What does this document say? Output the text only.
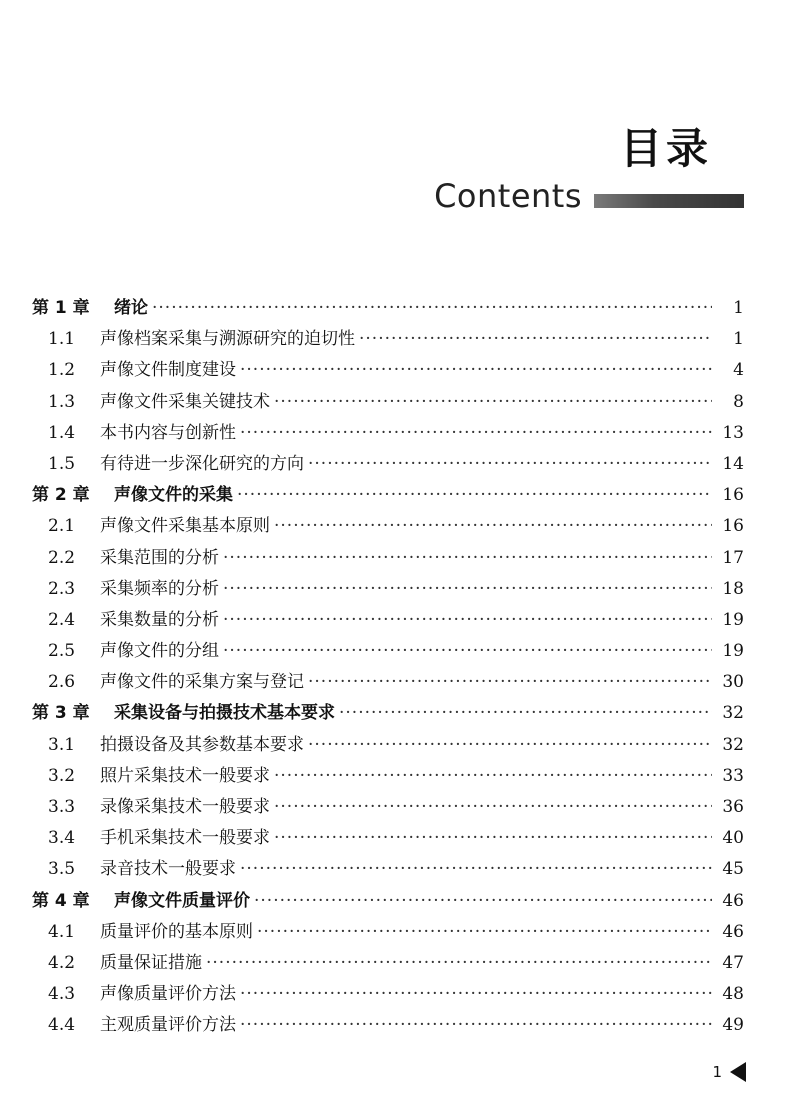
目录
Contents
第 1 章	绪论 ·····	1
1.1	声像档案采集与溯源研究的迫切性 ·····	1
1.2	声像文件制度建设 ·····	4
1.3	声像文件采集关键技术 ·····	8
1.4	本书内容与创新性 ·····	13
1.5	有待进一步深化研究的方向 ·····	14
第 2 章	声像文件的采集 ·····	16
2.1	声像文件采集基本原则 ·····	16
2.2	采集范围的分析 ·····	17
2.3	采集频率的分析 ·····	18
2.4	采集数量的分析 ·····	19
2.5	声像文件的分组 ·····	19
2.6	声像文件的采集方案与登记 ·····	30
第 3 章	采集设备与拍摄技术基本要求 ·····	32
3.1	拍摄设备及其参数基本要求 ·····	32
3.2	照片采集技术一般要求 ·····	33
3.3	录像采集技术一般要求 ·····	36
3.4	手机采集技术一般要求 ·····	40
3.5	录音技术一般要求 ·····	45
第 4 章	声像文件质量评价 ·····	46
4.1	质量评价的基本原则 ·····	46
4.2	质量保证措施 ·····	47
4.3	声像质量评价方法 ·····	48
4.4	主观质量评价方法 ·····	49
1
